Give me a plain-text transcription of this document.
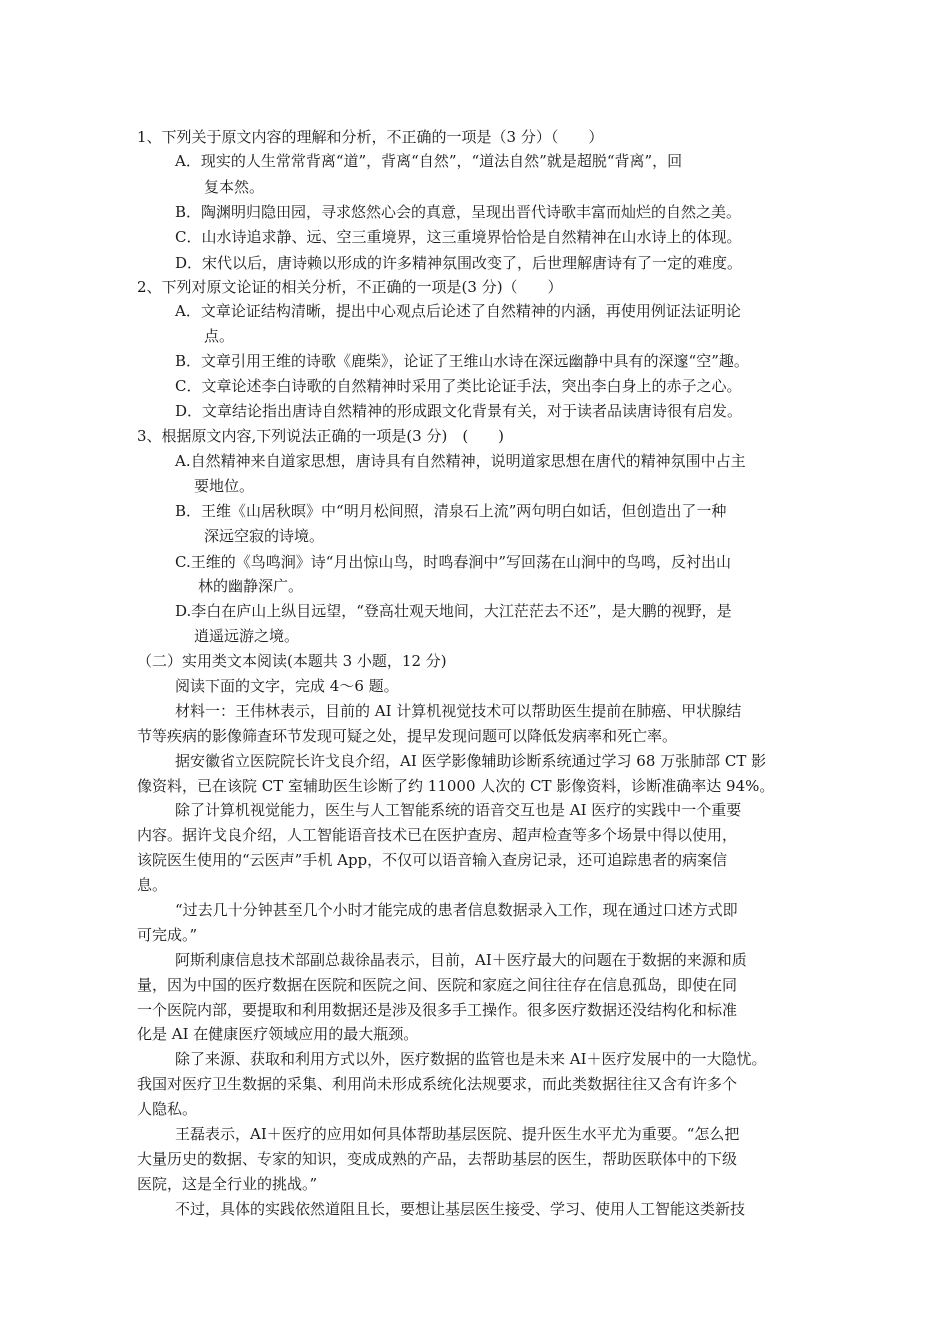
1、下列关于原文内容的理解和分析，不正确的一项是（3 分）（　　）
A．现实的人生常常背离“道”，背离“自然”，“道法自然”就是超脱“背离”，回
复本然。
B．陶渊明归隐田园，寻求悠然心会的真意，呈现出晋代诗歌丰富而灿烂的自然之美。
C．山水诗追求静、远、空三重境界，这三重境界恰恰是自然精神在山水诗上的体现。
D．宋代以后，唐诗赖以形成的许多精神氛围改变了，后世理解唐诗有了一定的难度。
2、下列对原文论证的相关分析，不正确的一项是(3 分)（　　）
A．文章论证结构清晰，提出中心观点后论述了自然精神的内涵，再使用例证法证明论
点。
B．文章引用王维的诗歌《鹿柴》，论证了王维山水诗在深远幽静中具有的深邃“空”趣。
C．文章论述李白诗歌的自然精神时采用了类比论证手法，突出李白身上的赤子之心。
D．文章结论指出唐诗自然精神的形成跟文化背景有关，对于读者品读唐诗很有启发。
3、根据原文内容,下列说法正确的一项是(3 分)　(　　)
A.自然精神来自道家思想，唐诗具有自然精神，说明道家思想在唐代的精神氛围中占主
要地位。
B．王维《山居秋暝》中“明月松间照，清泉石上流”两句明白如话，但创造出了一种
深远空寂的诗境。
C.王维的《鸟鸣涧》诗“月出惊山鸟，时鸣春涧中”写回荡在山涧中的鸟鸣，反衬出山
林的幽静深广。
D.李白在庐山上纵目远望，“登高壮观天地间，大江茫茫去不还”，是大鹏的视野，是
逍遥远游之境。
（二）实用类文本阅读(本题共 3 小题，12 分)
阅读下面的文字，完成 4～6 题。
材料一：王伟林表示，目前的 AI 计算机视觉技术可以帮助医生提前在肺癌、甲状腺结
节等疾病的影像筛查环节发现可疑之处，提早发现问题可以降低发病率和死亡率。
据安徽省立医院院长许戈良介绍，AI 医学影像辅助诊断系统通过学习 68 万张肺部 CT 影
像资料，已在该院 CT 室辅助医生诊断了约 11000 人次的 CT 影像资料，诊断准确率达 94%。
除了计算机视觉能力，医生与人工智能系统的语音交互也是 AI 医疗的实践中一个重要
内容。据许戈良介绍，人工智能语音技术已在医护查房、超声检查等多个场景中得以使用，
该院医生使用的“云医声”手机 App，不仅可以语音输入查房记录，还可追踪患者的病案信
息。
“过去几十分钟甚至几个小时才能完成的患者信息数据录入工作，现在通过口述方式即
可完成。”
阿斯利康信息技术部副总裁徐晶表示，目前，AI＋医疗最大的问题在于数据的来源和质
量，因为中国的医疗数据在医院和医院之间、医院和家庭之间往往存在信息孤岛，即使在同
一个医院内部，要提取和利用数据还是涉及很多手工操作。很多医疗数据还没结构化和标准
化是 AI 在健康医疗领域应用的最大瓶颈。
除了来源、获取和利用方式以外，医疗数据的监管也是未来 AI＋医疗发展中的一大隐忧。
我国对医疗卫生数据的采集、利用尚未形成系统化法规要求，而此类数据往往又含有许多个
人隐私。
王磊表示，AI＋医疗的应用如何具体帮助基层医院、提升医生水平尤为重要。“怎么把
大量历史的数据、专家的知识，变成成熟的产品，去帮助基层的医生，帮助医联体中的下级
医院，这是全行业的挑战。”
不过，具体的实践依然道阻且长，要想让基层医生接受、学习、使用人工智能这类新技
